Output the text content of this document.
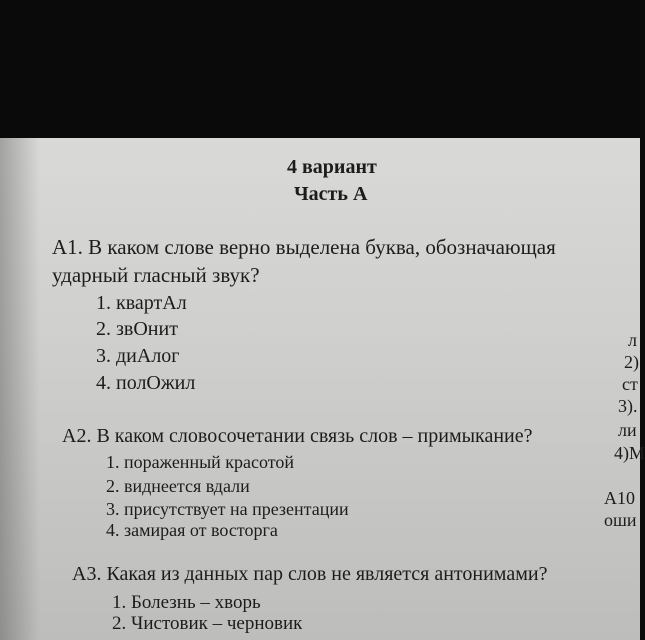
4 вариант
Часть А
А1. В каком слове верно выделена буква, обозначающая
ударный гласный звук?
1. квартАл
2. звОнит
3. диАлог
4. полОжил
А2. В каком словосочетании связь слов – примыкание?
1. пораженный красотой
2. виднеется вдали
3. присутствует на презентации
4. замирая от восторга
А3. Какая из данных пар слов не является антонимами?
1. Болезнь – хворь
2. Чистовик – черновик
л
2)
ст
3).
ли
4)М
А10
оши
